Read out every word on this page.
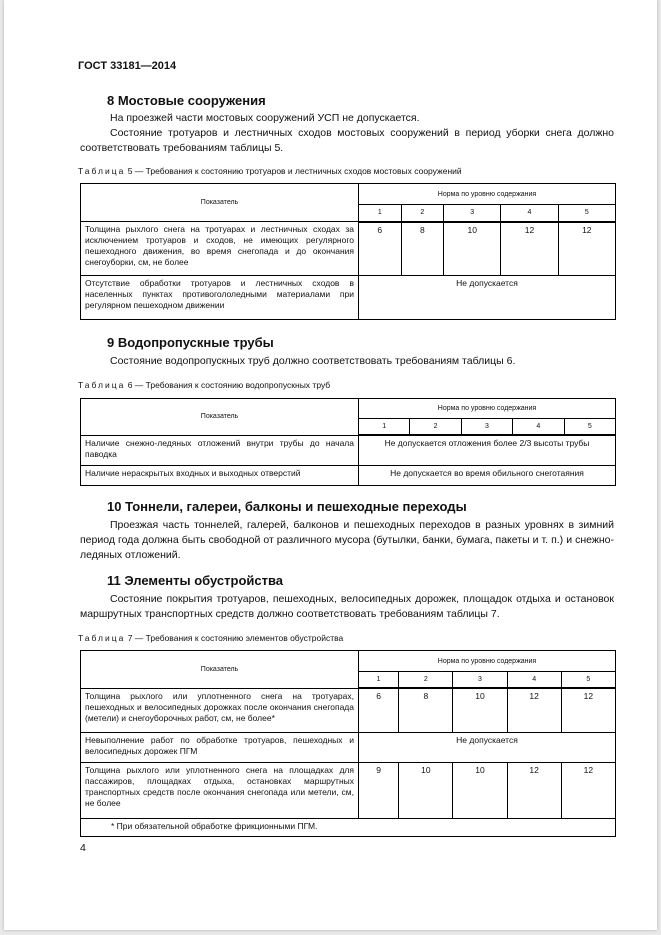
ГОСТ 33181—2014
8 Мостовые сооружения
На проезжей части мостовых сооружений УСП не допускается.
Состояние тротуаров и лестничных сходов мостовых сооружений в период уборки снега должно соответствовать требованиям таблицы 5.
Таблица 5 — Требования к состоянию тротуаров и лестничных сходов мостовых сооружений
Показатель	Норма по уровню содержания				
	1	2	3	4	5
Толщина рыхлого снега на тротуарах и лестничных сходах за исключением тротуаров и сходов, не имеющих регулярного пешеходного движения, во время снегопада и до окончания снегоуборки, см, не более	6	8	10	12	12
Отсутствие обработки тротуаров и лестничных сходов в населенных пунктах противогололедными материалами при регулярном пешеходном движении	Не допускается				
9 Водопропускные трубы
Состояние водопропускных труб должно соответствовать требованиям таблицы 6.
Таблица 6 — Требования к состоянию водопропускных труб
Показатель	Норма по уровню содержания				
	1	2	3	4	5
Наличие снежно-ледяных отложений внутри трубы до начала паводка	Не допускается отложения более 2/3 высоты трубы				
Наличие нераскрытых входных и выходных отверстий	Не допускается во время обильного снеготаяния				
10 Тоннели, галереи, балконы и пешеходные переходы
Проезжая часть тоннелей, галерей, балконов и пешеходных переходов в разных уровнях в зимний период года должна быть свободной от различного мусора (бутылки, банки, бумага, пакеты и т. п.) и снежно-ледяных отложений.
11 Элементы обустройства
Состояние покрытия тротуаров, пешеходных, велосипедных дорожек, площадок отдыха и остановок маршрутных транспортных средств должно соответствовать требованиям таблицы 7.
Таблица 7 — Требования к состоянию элементов обустройства
Показатель	Норма по уровню содержания				
	1	2	3	4	5
Толщина рыхлого или уплотненного снега на тротуарах, пешеходных и велосипедных дорожках после окончания снегопада (метели) и снегоуборочных работ, см, не более*	6	8	10	12	12
Невыполнение работ по обработке тротуаров, пешеходных и велосипедных дорожек ПГМ	Не допускается				
Толщина рыхлого или уплотненного снега на площадках для пассажиров, площадках отдыха, остановках маршрутных транспортных средств после окончания снегопада или метели, см, не более	9	10	10	12	12
* При обязательной обработке фрикционными ПГМ.					
4
